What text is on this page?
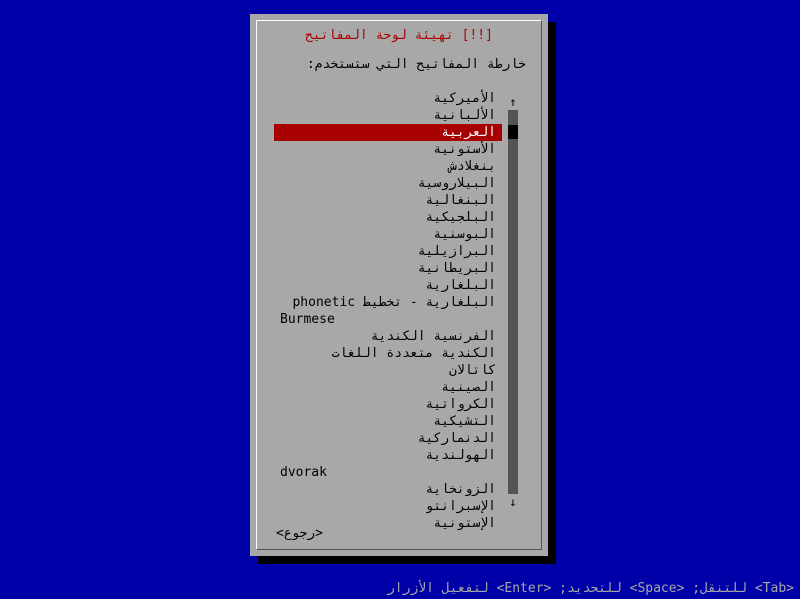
[!!] تهيئة لوحة المفاتيح
خارطة المفاتيح التي ستستخدم:
الأميركية
الألبانية
العربية
الأستونية
بنغلادش
البيلاروسية
البنغالية
البلجيكية
البوسنية
البرازيلية
البريطانية
البلغارية
البلغارية - تخطيط phonetic
Burmese
الفرنسية الكندية
الكندية متعددة اللغات
كاتالان
الصينية
الكرواتية
التشيكية
الدنماركية
الهولندية
dvorak
الزونخاية
الإسبرانتو
الإستونية
↑
↓
<رجوع>
<Tab> للتنقل; <Space> للتحديد; <Enter> لتفعيل الأزرار
